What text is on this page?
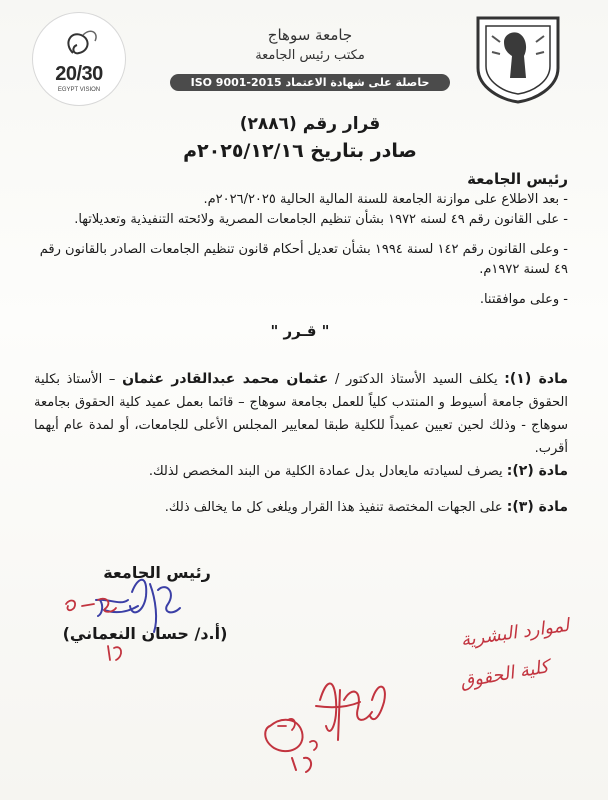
20/30
EGYPT VISION
جامعة سوهاج
مكتب رئيس الجامعة
حاصلة على شهادة الاعتماد ISO 9001-2015
قرار رقم (٢٨٨٦)
صادر بتاريخ ٢٠٢٥/١٢/١٦م
رئيس الجامعة
- بعد الاطلاع على موازنة الجامعة للسنة المالية الحالية ٢٠٢٦/٢٠٢٥م.
- على القانون رقم ٤٩ لسنه ١٩٧٢ بشأن تنظيم الجامعات المصرية ولائحته التنفيذية وتعديلاتها.
- وعلى القانون رقم ١٤٢ لسنة ١٩٩٤ بشأن تعديل أحكام قانون تنظيم الجامعات الصادر بالقانون رقم ٤٩ لسنة ١٩٧٢م.
- وعلى موافقتنا.
" قـرر "
مادة (١): يكلف السيد الأستاذ الدكتور / عثمان محمد عبدالقادر عثمان – الأستاذ بكلية الحقوق جامعة أسيوط و المنتدب كلياً للعمل بجامعة سوهاج – قائما بعمل عميد كلية الحقوق بجامعة سوهاج - وذلك لحين تعيين عميداً للكلية طبقا لمعايير المجلس الأعلى للجامعات، أو لمدة عام أيهما أقرب.
مادة (٢): يصرف لسيادته مايعادل بدل عمادة الكلية من البند المخصص لذلك.
مادة (٣): على الجهات المختصة تنفيذ هذا القرار ويلغى كل ما يخالف ذلك.
رئيس الجامعة
(أ.د/ حسان النعماني)	لموارد البشرية
كلية الحقوق
